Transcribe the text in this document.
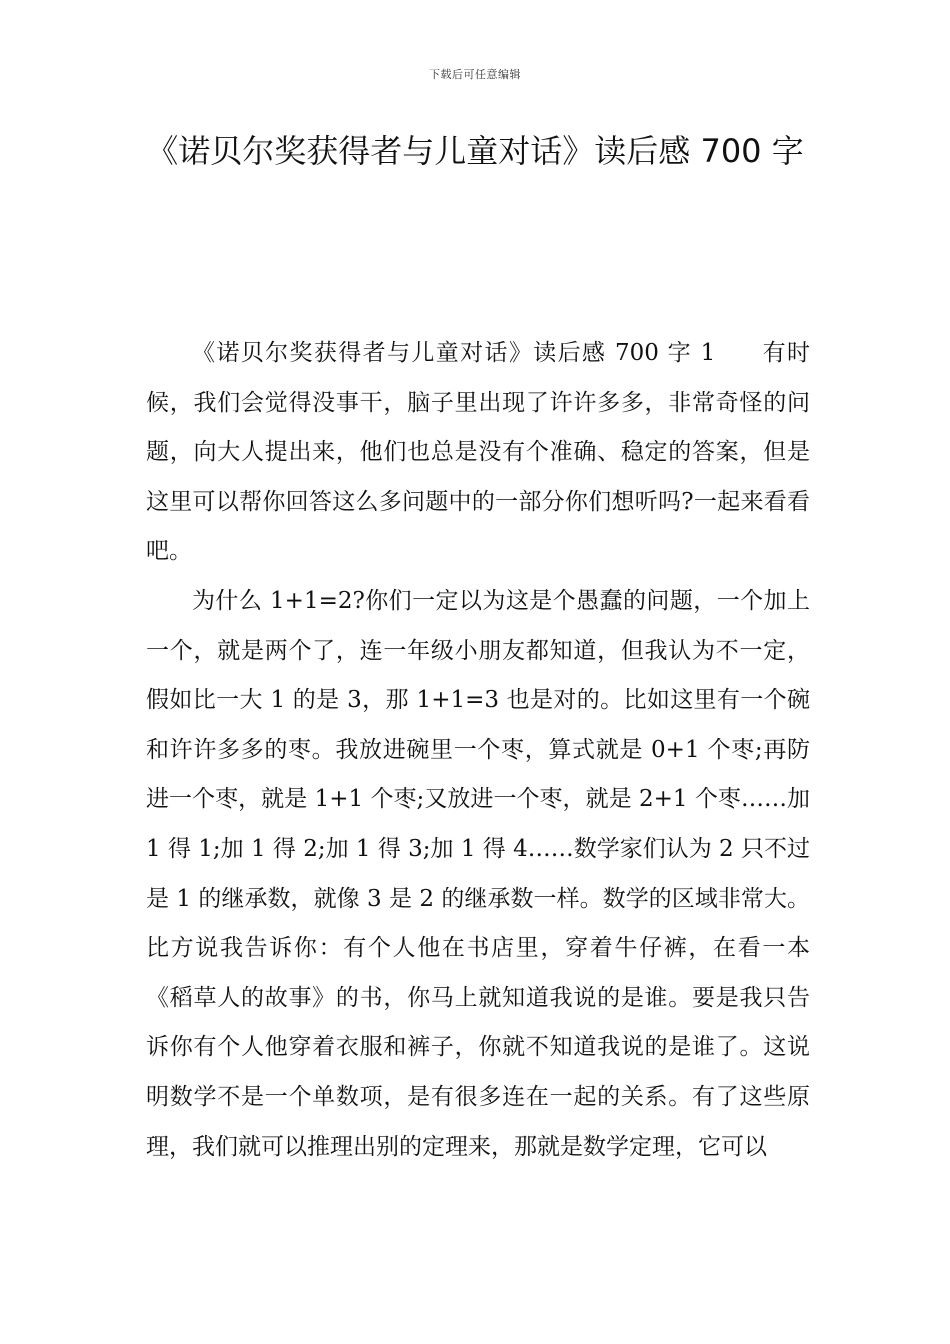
下载后可任意编辑
《诺贝尔奖获得者与儿童对话》读后感 700 字

《诺贝尔奖获得者与儿童对话》读后感 700 字 1 有时候，我们会觉得没事干，脑子里出现了许许多多，非常奇怪的问题，向大人提出来，他们也总是没有个准确、稳定的答案，但是这里可以帮你回答这么多问题中的一部分你们想听吗?一起来看看吧。

为什么 1+1=2?你们一定以为这是个愚蠢的问题，一个加上一个，就是两个了，连一年级小朋友都知道，但我认为不一定，假如比一大 1 的是 3，那 1+1=3 也是对的。比如这里有一个碗和许许多多的枣。我放进碗里一个枣，算式就是 0+1 个枣;再防进一个枣，就是 1+1 个枣;又放进一个枣，就是 2+1 个枣……加 1 得 1;加 1 得 2;加 1 得 3;加 1 得 4……数学家们认为 2 只不过是 1 的继承数，就像 3 是 2 的继承数一样。数学的区域非常大。比方说我告诉你：有个人他在书店里，穿着牛仔裤，在看一本《稻草人的故事》的书，你马上就知道我说的是谁。要是我只告诉你有个人他穿着衣服和裤子，你就不知道我说的是谁了。这说明数学不是一个单数项，是有很多连在一起的关系。有了这些原理，我们就可以推理出别的定理来，那就是数学定理，它可以
